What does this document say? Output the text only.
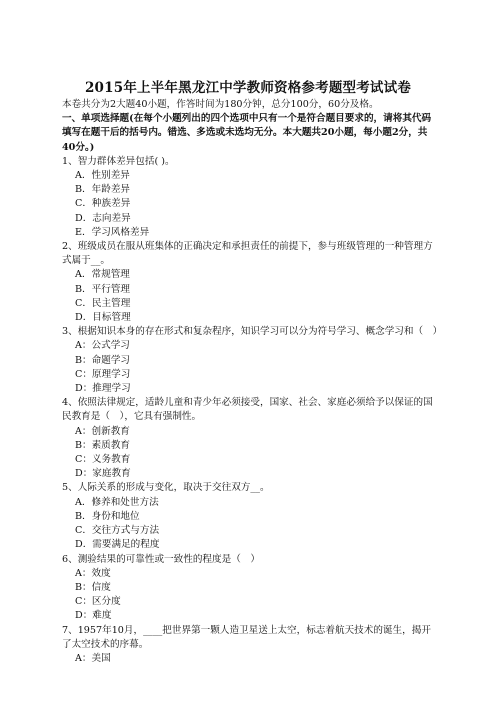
2015年上半年黑龙江中学教师资格参考题型考试试卷
本卷共分为2大题40小题，作答时间为180分钟，总分100分，60分及格。
一、单项选择题(在每个小题列出的四个选项中只有一个是符合题目要求的，请将其代码填写在题干后的括号内。错选、多选或未选均无分。本大题共20小题，每小题2分，共40分。)
1、智力群体差异包括( )。
A．性别差异
B．年龄差异
C．种族差异
D．志向差异
E．学习风格差异
2、班级成员在服从班集体的正确决定和承担责任的前提下，参与班级管理的一种管理方式属于__。
A．常规管理
B．平行管理
C．民主管理
D．目标管理
3、根据知识本身的存在形式和复杂程序，知识学习可以分为符号学习、概念学习和（　）
A：公式学习
B：命题学习
C：原理学习
D：推理学习
4、依照法律规定，适龄儿童和青少年必须接受，国家、社会、家庭必须给予以保证的国民教育是（　），它具有强制性。
A：创新教育
B：素质教育
C：义务教育
D：家庭教育
5、人际关系的形成与变化，取决于交往双方__。
A．修养和处世方法
B．身份和地位
C．交往方式与方法
D．需要满足的程度
6、测验结果的可靠性或一致性的程度是（　）
A：效度
B：信度
C：区分度
D：难度
7、1957年10月，____把世界第一颗人造卫星送上太空，标志着航天技术的诞生，揭开了太空技术的序幕。
A：美国
